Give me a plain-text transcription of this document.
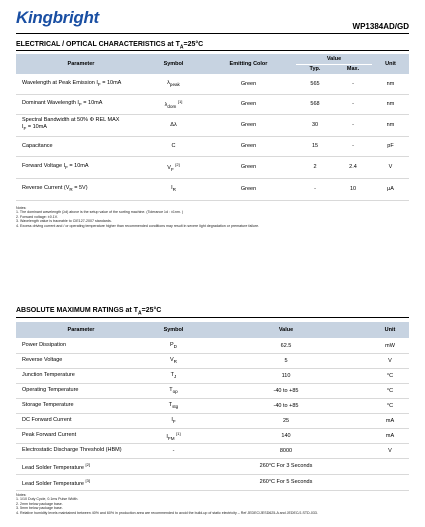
Kingbright	WP1384AD/GD
ELECTRICAL / OPTICAL CHARACTERISTICS at $T_A=25^\circ C$
Parameter	Symbol	Emitting Color	Value		Unit
			Typ.	Max.	
Wavelength at Peak Emission $I_F = 10mA$	$\lambda_{peak}$	Green	565	-	nm
Dominant Wavelength $I_F = 10mA$	$\lambda_{dom}$ [1]	Green	568	-	nm
Spectral Bandwidth at 50% Φ REL MAX
$I_F = 10mA$	Δλ	Green	30	-	nm
Capacitance	C	Green	15	-	pF
Forward Voltage $I_F = 10mA$	$V_F$ [2]	Green	2	2.4	V
Reverse Current $(V_R = 5V)$	$I_R$	Green	-	10	μA
Notes:
1. The dominant wavelength (λd) above is the setup value of the sorting machine. (Tolerance λd : ±1nm. )
2. Forward voltage: ±0.1V.
3. Wavelength value is traceable to CIE127-2007 standards.
4. Excess driving current and / or operating temperature higher than recommended conditions may result in severe light degradation or premature failure.
ABSOLUTE MAXIMUM RATINGS at $T_A=25^\circ C$
Parameter	Symbol	Value	Unit
Power Dissipation	$P_D$	62.5	mW
Reverse Voltage	$V_R$	5	V
Junction Temperature	$T_J$	110	°C
Operating Temperature	$T_{op}$	-40 to +85	°C
Storage Temperature	$T_{stg}$	-40 to +85	°C
DC Forward Current	$I_F$	25	mA
Peak Forward Current	$I_{FM}$ [1]	140	mA
Electrostatic Discharge Threshold (HBM)	-	8000	V
Lead Solder Temperature [2]		260°C For 3 Seconds	
Lead Solder Temperature [3]		260°C For 5 Seconds	
Notes:
1. 1/10 Duty Cycle, 0.1ms Pulse Width.
2. 2mm below package base.
3. 5mm below package base.
4. Relative humidity levels maintained between 40% and 60% in production area are recommended to avoid the build-up of static electricity – Ref JEDEC/JESD625-A and JEDEC/J-STD-033.
